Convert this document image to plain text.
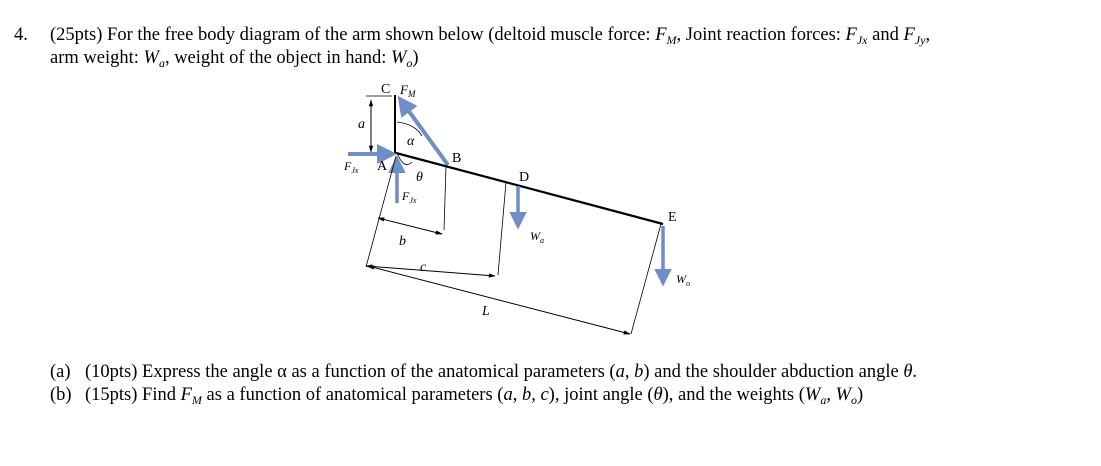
4. (25pts) For the free body diagram of the arm shown below (deltoid muscle force: $F_M$, Joint reaction forces: $F_{Jx}$ and $F_{Jy}$,
arm weight: $W_a$, weight of the object in hand: $W_o$)
a
C $F_M$
α
$F_{Jx}$ A
$F_{Jx}$
θ
B
D
$W_a$
E
$W_o$
b
c
L
(a) (10pts) Express the angle α as a function of the anatomical parameters (a, b) and the shoulder abduction angle θ.
(b) (15pts) Find $F_M$ as a function of anatomical parameters (a, b, c), joint angle (θ), and the weights ($W_a$, $W_o$)
